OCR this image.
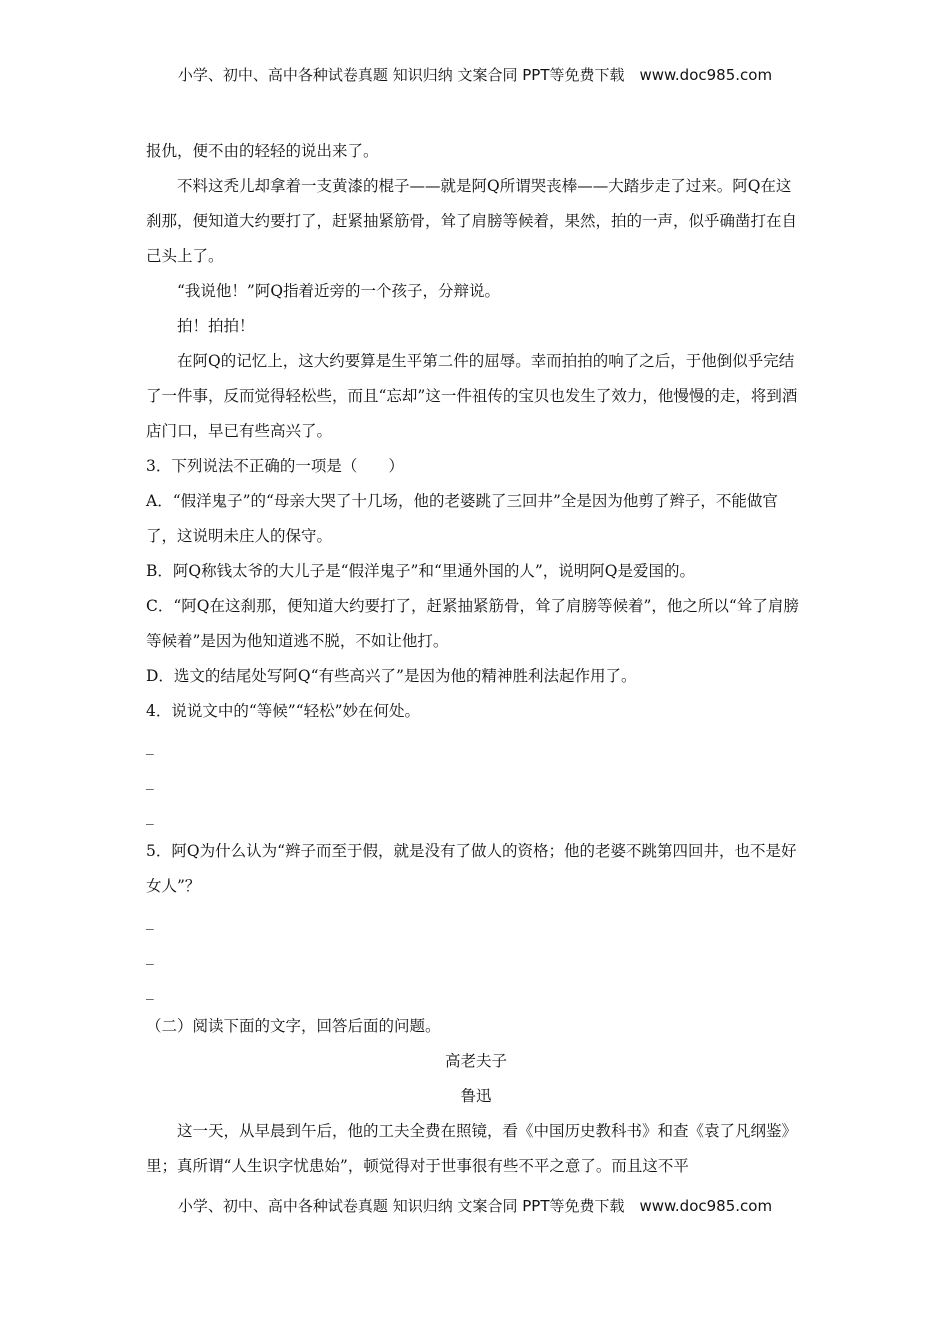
小学、初中、高中各种试卷真题 知识归纳 文案合同 PPT等免费下载　www.doc985.com

报仇，便不由的轻轻的说出来了。

不料这秃儿却拿着一支黄漆的棍子——就是阿Q所谓哭丧棒——大踏步走了过来。阿Q在这刹那，便知道大约要打了，赶紧抽紧筋骨，耸了肩膀等候着，果然，拍的一声，似乎确凿打在自己头上了。

“我说他！”阿Q指着近旁的一个孩子，分辩说。

拍！拍拍！

在阿Q的记忆上，这大约要算是生平第二件的屈辱。幸而拍拍的响了之后，于他倒似乎完结了一件事，反而觉得轻松些，而且“忘却”这一件祖传的宝贝也发生了效力，他慢慢的走，将到酒店门口，早已有些高兴了。

3．下列说法不正确的一项是（　　）

A．“假洋鬼子”的“母亲大哭了十几场，他的老婆跳了三回井”全是因为他剪了辫子，不能做官了，这说明未庄人的保守。

B．阿Q称钱太爷的大儿子是“假洋鬼子”和“里通外国的人”，说明阿Q是爱国的。

C．“阿Q在这刹那，便知道大约要打了，赶紧抽紧筋骨，耸了肩膀等候着”，他之所以“耸了肩膀等候着”是因为他知道逃不脱，不如让他打。

D．选文的结尾处写阿Q“有些高兴了”是因为他的精神胜利法起作用了。

4．说说文中的“等候”“轻松”妙在何处。

_
_
_

5．阿Q为什么认为“辫子而至于假，就是没有了做人的资格；他的老婆不跳第四回井，也不是好女人”？

_
_
_

（二）阅读下面的文字，回答后面的问题。

高老夫子

鲁迅

这一天，从早晨到午后，他的工夫全费在照镜，看《中国历史教科书》和查《袁了凡纲鉴》里；真所谓“人生识字忧患始”，顿觉得对于世事很有些不平之意了。而且这不平

小学、初中、高中各种试卷真题 知识归纳 文案合同 PPT等免费下载　www.doc985.com
